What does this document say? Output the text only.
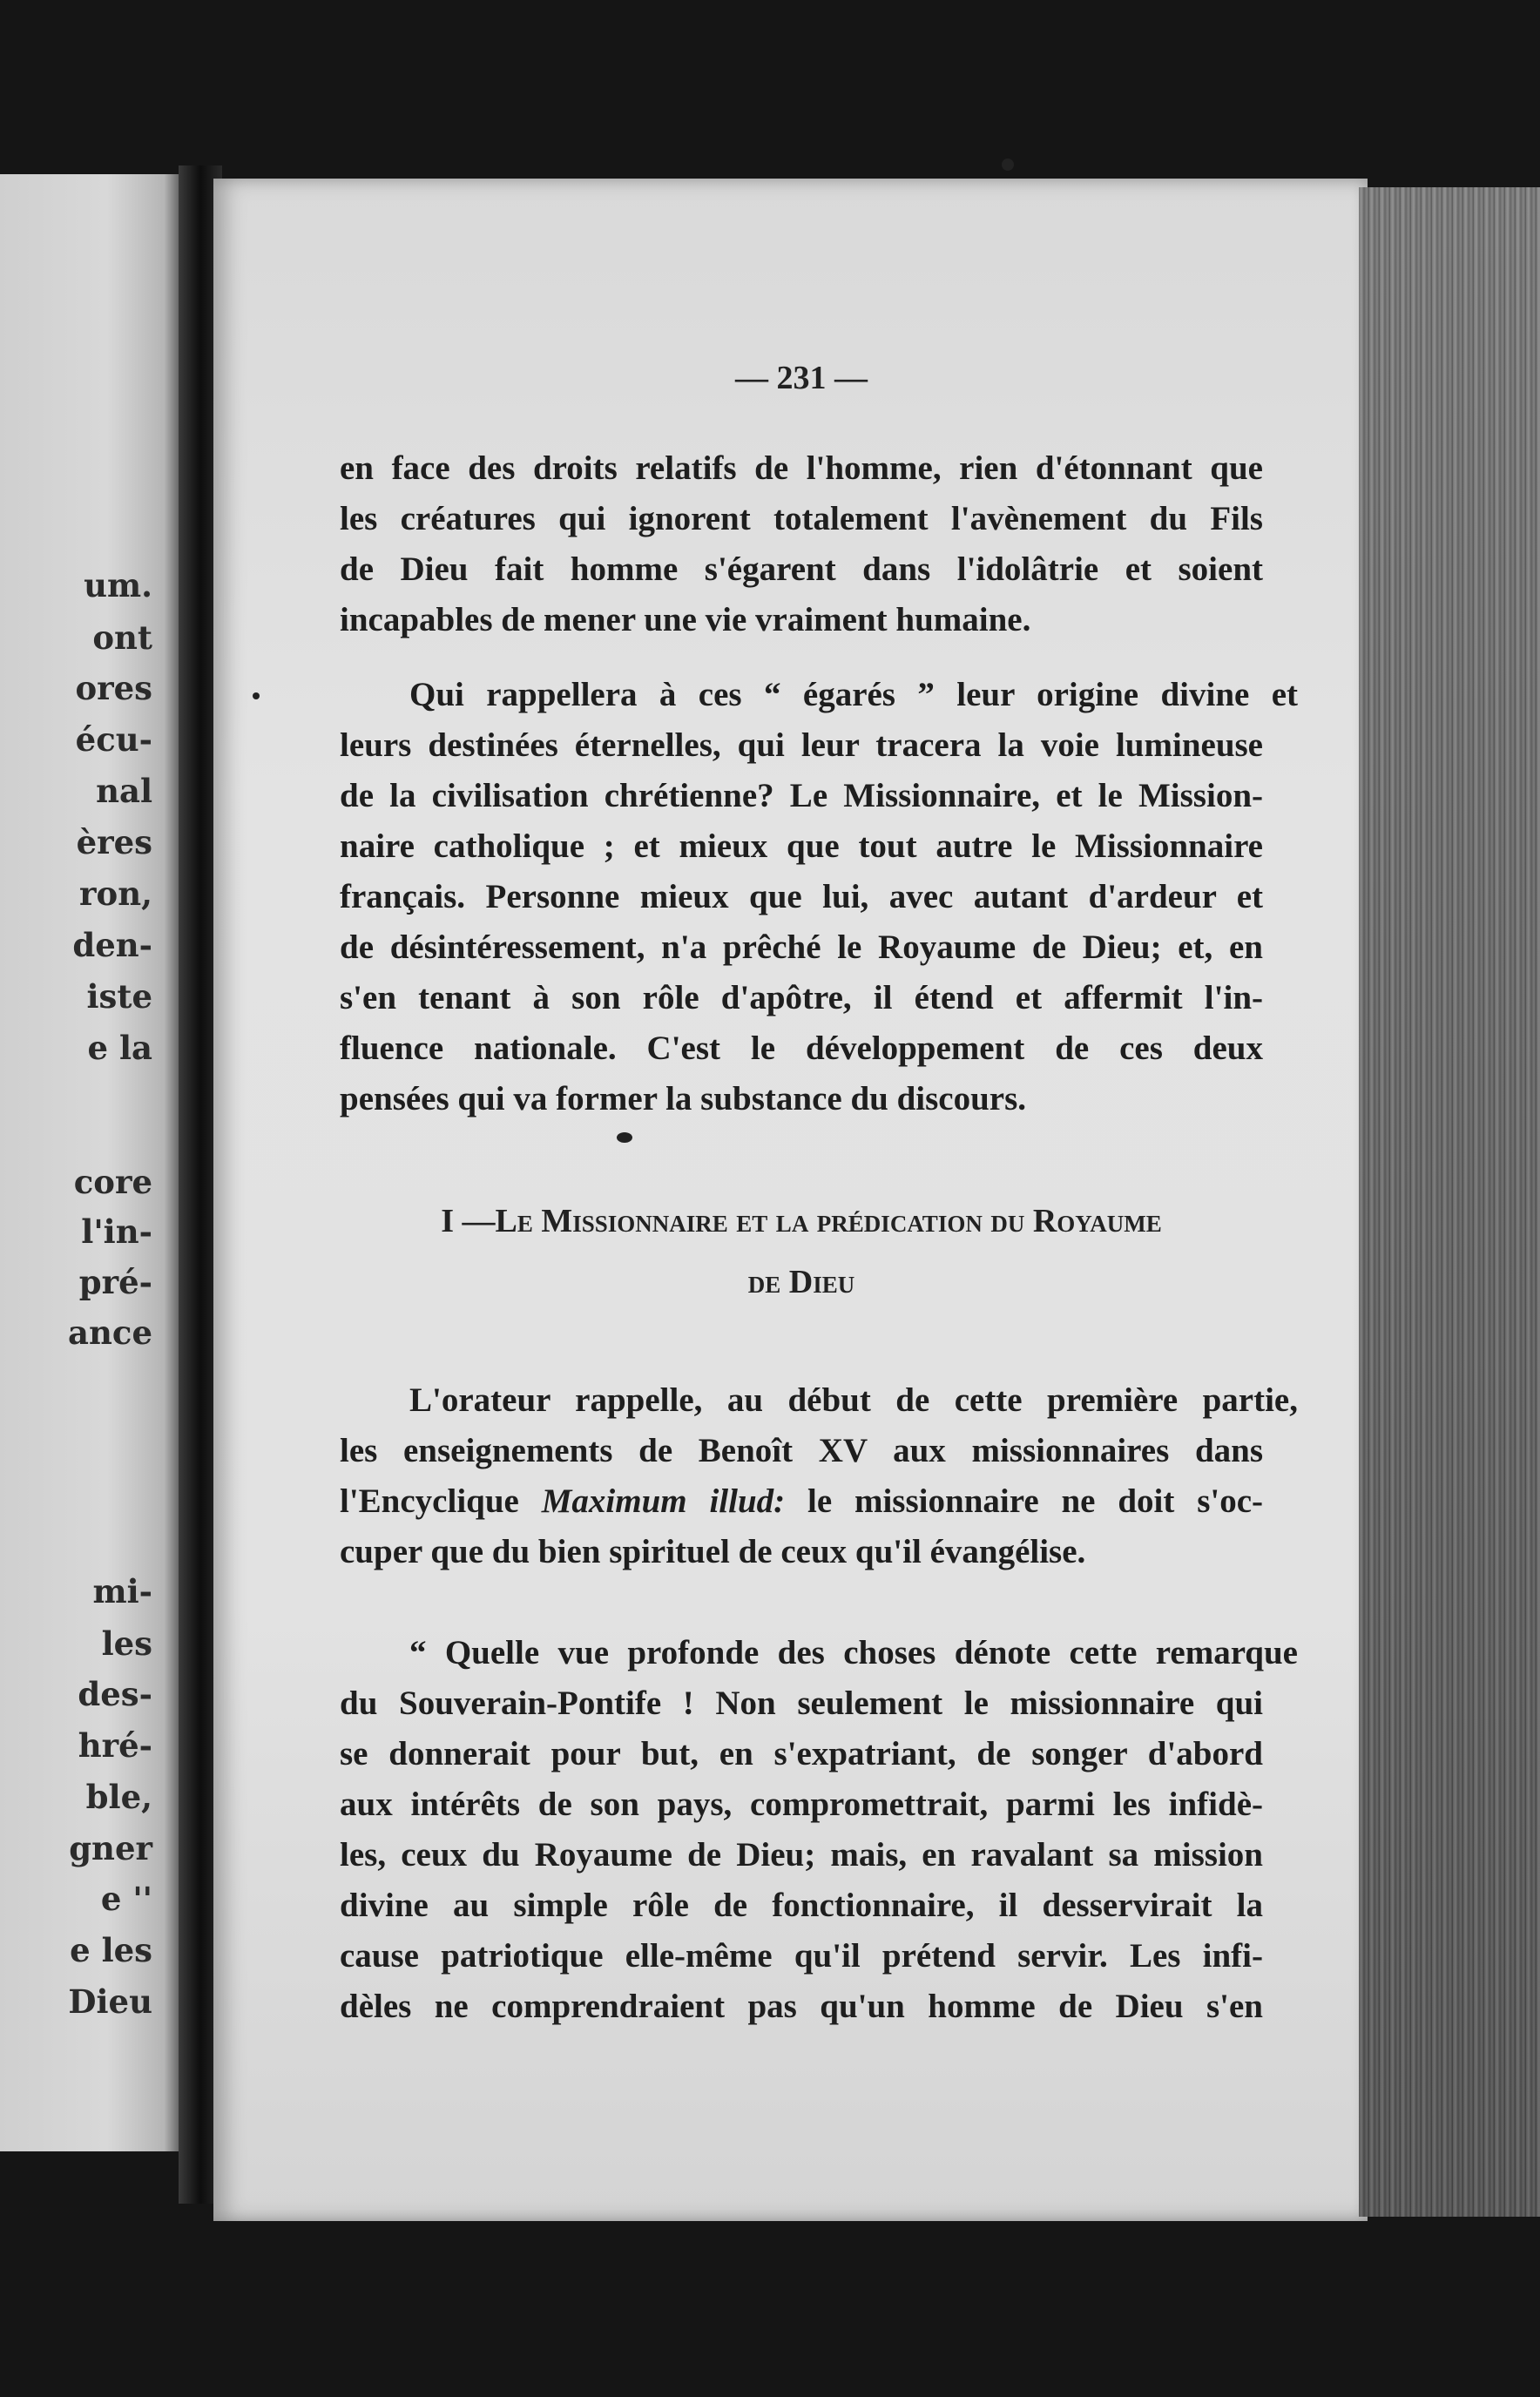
um.
ont
ores
écu-
nal
ères
ron,
den-
iste
e la
core
l'in-
pré-
ance
mi-
les
des-
hré-
ble,
gner
e ''
e les
Dieu
— 231 —
en face des droits relatifs de l'homme, rien d'étonnant que
les créatures qui ignorent totalement l'avènement du Fils
de Dieu fait homme s'égarent dans l'idolâtrie et soient
incapables de mener une vie vraiment humaine.
Qui rappellera à ces “ égarés ” leur origine divine et
leurs destinées éternelles, qui leur tracera la voie lumineuse
de la civilisation chrétienne? Le Missionnaire, et le Mission-
naire catholique ; et mieux que tout autre le Missionnaire
français. Personne mieux que lui, avec autant d'ardeur et
de désintéressement, n'a prêché le Royaume de Dieu; et, en
s'en tenant à son rôle d'apôtre, il étend et affermit l'in-
fluence nationale. C'est le développement de ces deux
pensées qui va former la substance du discours.
I —Le Missionnaire et la prédication du Royaume
de Dieu
L'orateur rappelle, au début de cette première partie,
les enseignements de Benoît XV aux missionnaires dans
l'Encyclique Maximum illud: le missionnaire ne doit s'oc-
cuper que du bien spirituel de ceux qu'il évangélise.
“ Quelle vue profonde des choses dénote cette remarque
du Souverain-Pontife ! Non seulement le missionnaire qui
se donnerait pour but, en s'expatriant, de songer d'abord
aux intérêts de son pays, compromettrait, parmi les infidè-
les, ceux du Royaume de Dieu; mais, en ravalant sa mission
divine au simple rôle de fonctionnaire, il desservirait la
cause patriotique elle-même qu'il prétend servir. Les infi-
dèles ne comprendraient pas qu'un homme de Dieu s'en
